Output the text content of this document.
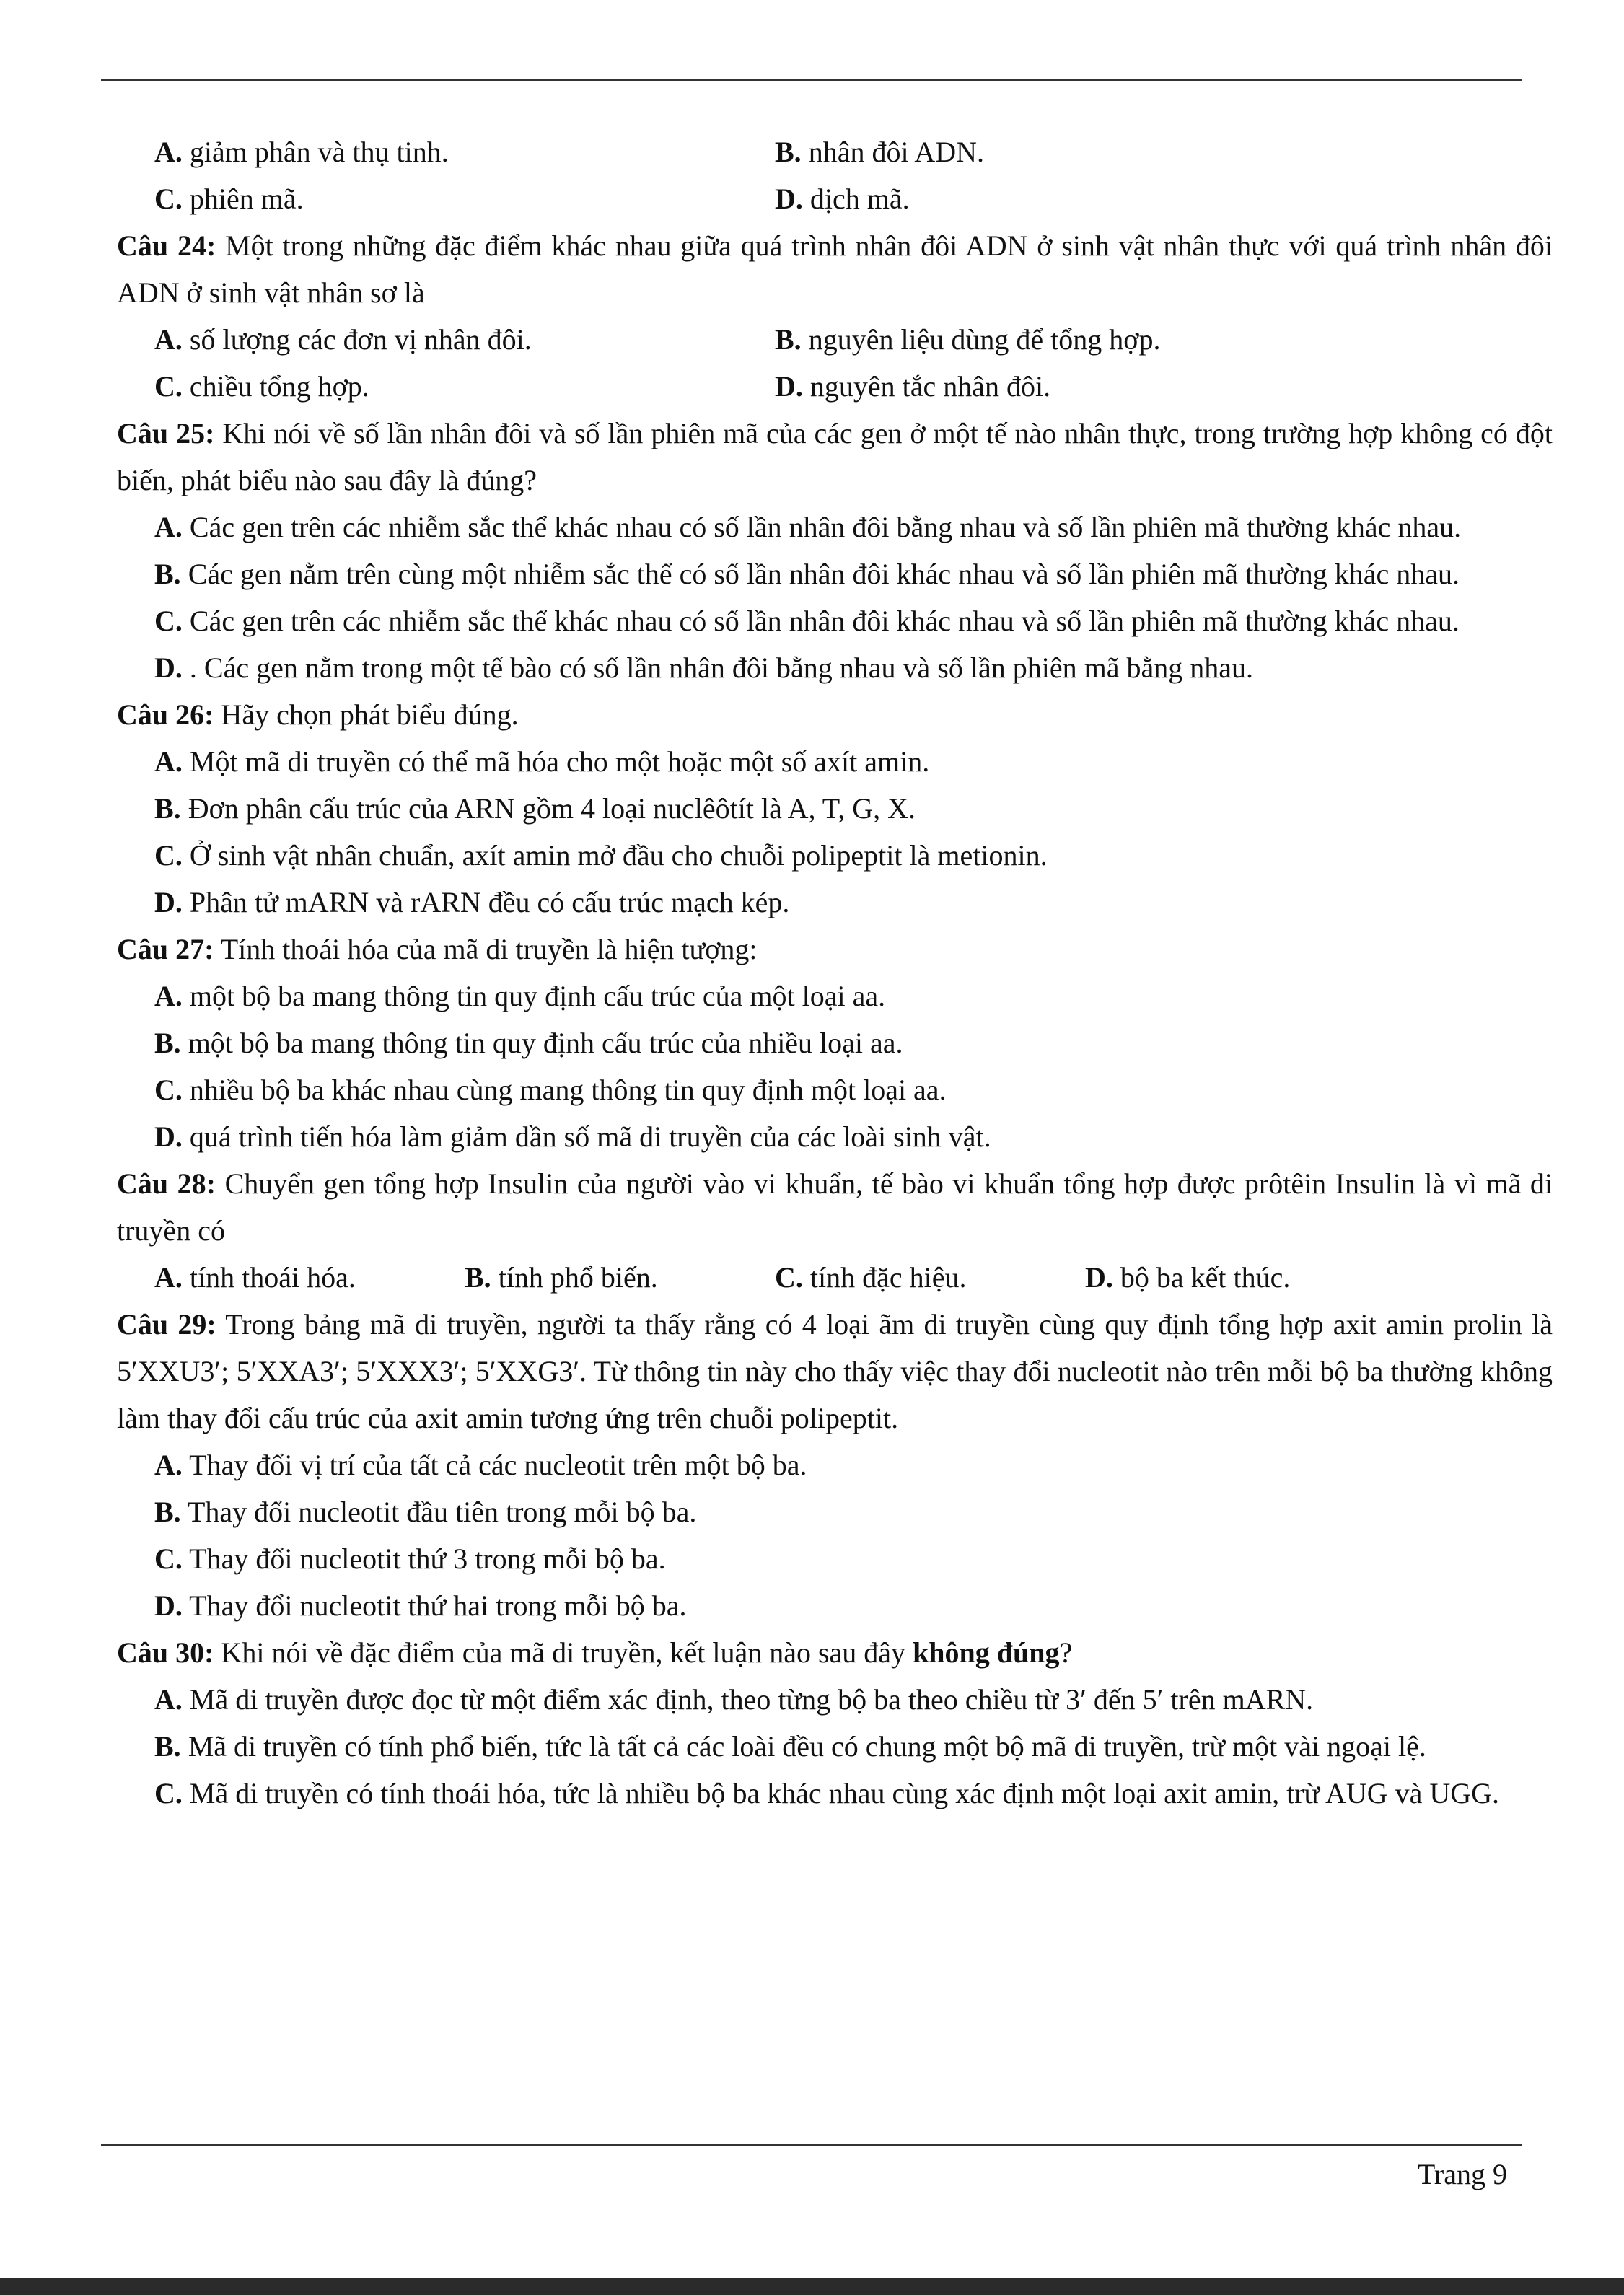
A. giảm phân và thụ tinh.	B. nhân đôi ADN.
C. phiên mã.	D. dịch mã.

Câu 24: Một trong những đặc điểm khác nhau giữa quá trình nhân đôi ADN ở sinh vật nhân thực với quá trình nhân đôi ADN ở sinh vật nhân sơ là

A. số lượng các đơn vị nhân đôi.	B. nguyên liệu dùng để tổng hợp.
C. chiều tổng hợp.	D. nguyên tắc nhân đôi.

Câu 25: Khi nói về số lần nhân đôi và số lần phiên mã của các gen ở một tế nào nhân thực, trong trường hợp không có đột biến, phát biểu nào sau đây là đúng?

A. Các gen trên các nhiễm sắc thể khác nhau có số lần nhân đôi bằng nhau và số lần phiên mã thường khác nhau.

B. Các gen nằm trên cùng một nhiễm sắc thể có số lần nhân đôi khác nhau và số lần phiên mã thường khác nhau.

C. Các gen trên các nhiễm sắc thể khác nhau có số lần nhân đôi khác nhau và số lần phiên mã thường khác nhau.

D. . Các gen nằm trong một tế bào có số lần nhân đôi bằng nhau và số lần phiên mã bằng nhau.

Câu 26: Hãy chọn phát biểu đúng.

A. Một mã di truyền có thể mã hóa cho một hoặc một số axít amin.

B. Đơn phân cấu trúc của ARN gồm 4 loại nuclêôtít là A, T, G, X.

C. Ở sinh vật nhân chuẩn, axít amin mở đầu cho chuỗi polipeptit là metionin.

D. Phân tử mARN và rARN đều có cấu trúc mạch kép.

Câu 27: Tính thoái hóa của mã di truyền là hiện tượng:

A. một bộ ba mang thông tin quy định cấu trúc của một loại aa.

B. một bộ ba mang thông tin quy định cấu trúc của nhiều loại aa.

C. nhiều bộ ba khác nhau cùng mang thông tin quy định một loại aa.

D. quá trình tiến hóa làm giảm dần số mã di truyền của các loài sinh vật.

Câu 28: Chuyển gen tổng hợp Insulin của người vào vi khuẩn, tế bào vi khuẩn tổng hợp được prôtêin Insulin là vì mã di truyền có

A. tính thoái hóa.	B. tính phổ biến.	C. tính đặc hiệu.	D. bộ ba kết thúc.

Câu 29: Trong bảng mã di truyền, người ta thấy rằng có 4 loại ãm di truyền cùng quy định tổng hợp axit amin prolin là 5′XXU3′; 5′XXA3′; 5′XXX3′; 5′XXG3′. Từ thông tin này cho thấy việc thay đổi nucleotit nào trên mỗi bộ ba thường không làm thay đổi cấu trúc của axit amin tương ứng trên chuỗi polipeptit.

A. Thay đổi vị trí của tất cả các nucleotit trên một bộ ba.

B. Thay đổi nucleotit đầu tiên trong mỗi bộ ba.

C. Thay đổi nucleotit thứ 3 trong mỗi bộ ba.

D. Thay đổi nucleotit thứ hai trong mỗi bộ ba.

Câu 30: Khi nói về đặc điểm của mã di truyền, kết luận nào sau đây không đúng?

A. Mã di truyền được đọc từ một điểm xác định, theo từng bộ ba theo chiều từ 3′ đến 5′ trên mARN.

B. Mã di truyền có tính phổ biến, tức là tất cả các loài đều có chung một bộ mã di truyền, trừ một vài ngoại lệ.

C. Mã di truyền có tính thoái hóa, tức là nhiều bộ ba khác nhau cùng xác định một loại axit amin, trừ AUG và UGG.

Trang 9
